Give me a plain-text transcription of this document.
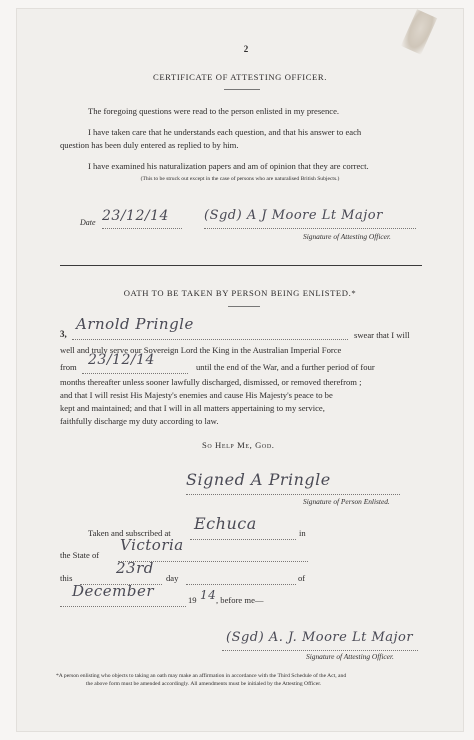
2
CERTIFICATE OF ATTESTING OFFICER.
The foregoing questions were read to the person enlisted in my presence.
I have taken care that he understands each question, and that his answer to each
question has been duly entered as replied to by him.
I have examined his naturalization papers and am of opinion that they are correct.
(This to be struck out except in the case of persons who are naturalised British Subjects.)
Date 23/12/14	(Sgd) A J Moore Lt Major
Signature of Attesting Officer.
OATH TO BE TAKEN BY PERSON BEING ENLISTED.*
3,
Arnold Pringle
swear that I will
well and truly serve our Sovereign Lord the King in the Australian Imperial Force
from 23/12/14	until the end of the War, and a further period of four
months thereafter unless sooner lawfully discharged, dismissed, or removed therefrom ;
and that I will resist His Majesty's enemies and cause His Majesty's peace to be
kept and maintained; and that I will in all matters appertaining to my service,
faithfully discharge my duty according to law.
So Help Me, God.
Signed A Pringle
Signature of Person Enlisted.
Taken and subscribed at Echuca	in
the State of
Victoria
this
23rd
day	of
December	19 14 , before me—
(Sgd) A. J. Moore Lt Major
Signature of Attesting Officer.
*A person enlisting who objects to taking an oath may make an affirmation in accordance with the Third Schedule of the Act, and
the above form must be amended accordingly. All amendments must be initialed by the Attesting Officer.
